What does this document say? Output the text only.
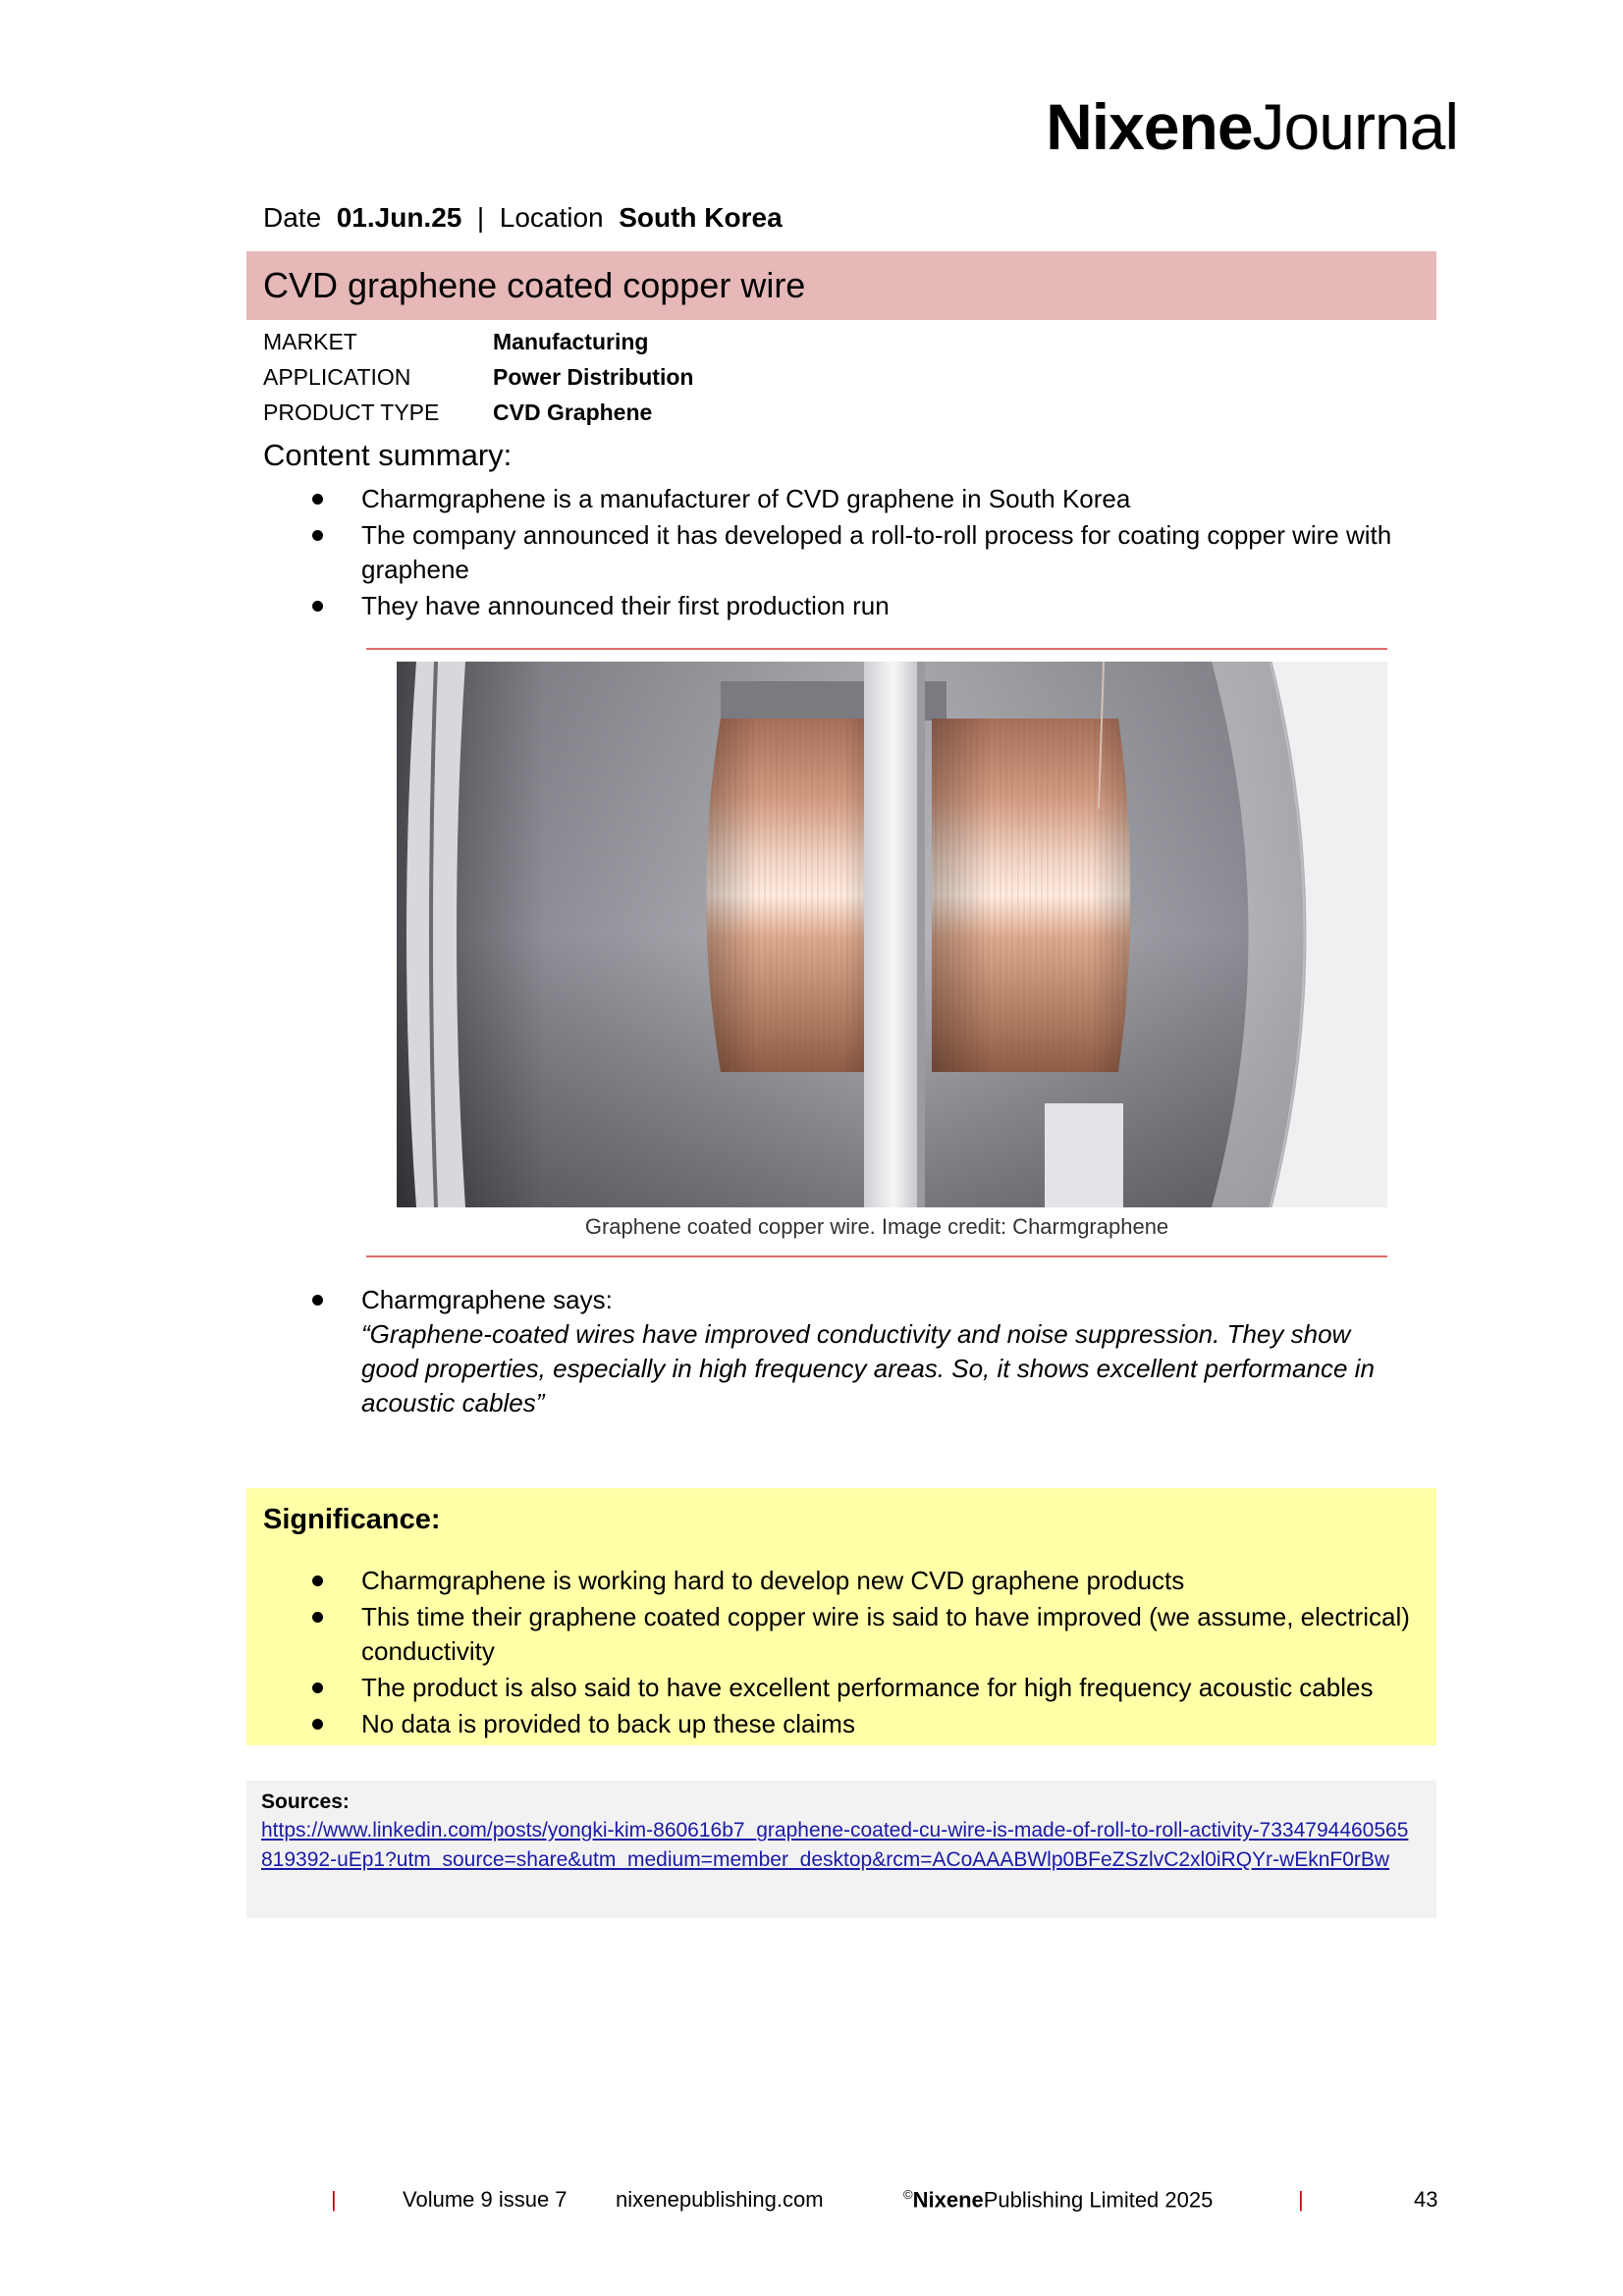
NixeneJournal
Date 01.Jun.25 | Location South Korea
CVD graphene coated copper wire
MARKET	Manufacturing
APPLICATION	Power Distribution
PRODUCT TYPE	CVD Graphene
Content summary:
Charmgraphene is a manufacturer of CVD graphene in South Korea
The company announced it has developed a roll-to-roll process for coating copper wire with graphene
They have announced their first production run
Graphene coated copper wire. Image credit: Charmgraphene
Charmgraphene says:
“Graphene-coated wires have improved conductivity and noise suppression. They show good properties, especially in high frequency areas. So, it shows excellent performance in acoustic cables”
Significance:
Charmgraphene is working hard to develop new CVD graphene products
This time their graphene coated copper wire is said to have improved (we assume, electrical) conductivity
The product is also said to have excellent performance for high frequency acoustic cables
No data is provided to back up these claims
Sources:
https://www.linkedin.com/posts/yongki-kim-860616b7_graphene-coated-cu-wire-is-made-of-roll-to-roll-activity-7334794460565819392-uEp1?utm_source=share&utm_medium=member_desktop&rcm=ACoAAABWlp0BFeZSzlvC2xl0iRQYr-wEknF0rBw
|	Volume 9 issue 7 nixenepublishing.com	©NixenePublishing Limited 2025	|	43
